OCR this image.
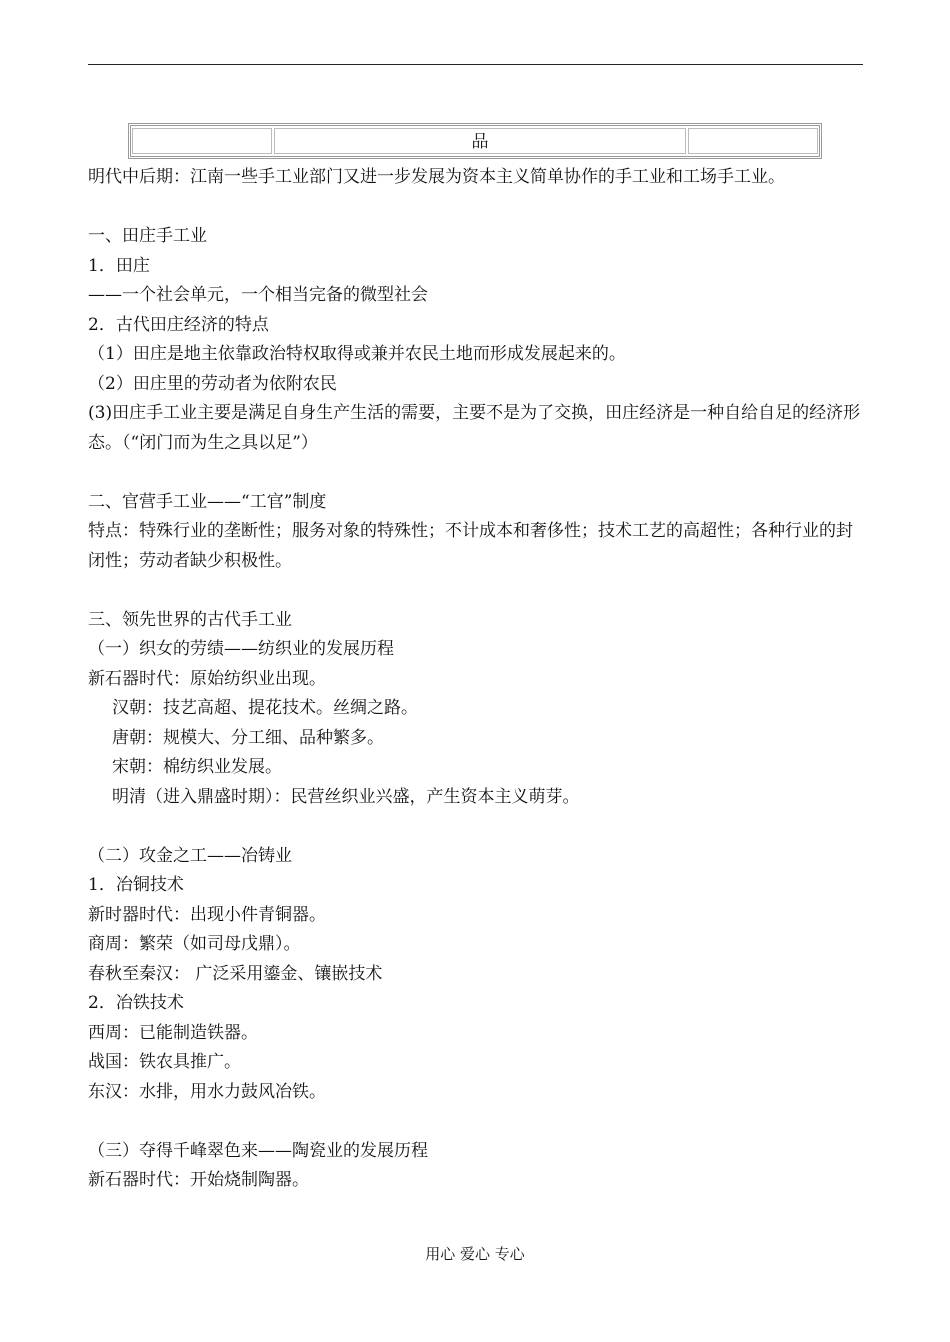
品

明代中后期：江南一些手工业部门又进一步发展为资本主义简单协作的手工业和工场手工业。

一、田庄手工业

1．田庄

——一个社会单元，一个相当完备的微型社会

2．古代田庄经济的特点

（1）田庄是地主依靠政治特权取得或兼并农民土地而形成发展起来的。

（2）田庄里的劳动者为依附农民

(3)田庄手工业主要是满足自身生产生活的需要，主要不是为了交换，田庄经济是一种自给自足的经济形态。（“闭门而为生之具以足”）

二、官营手工业——“工官”制度

特点：特殊行业的垄断性；服务对象的特殊性；不计成本和奢侈性；技术工艺的高超性；各种行业的封闭性；劳动者缺少积极性。

三、领先世界的古代手工业

（一）织女的劳绩——纺织业的发展历程

新石器时代：原始纺织业出现。

汉朝：技艺高超、提花技术。丝绸之路。

唐朝：规模大、分工细、品种繁多。

宋朝：棉纺织业发展。

明清（进入鼎盛时期）：民营丝织业兴盛，产生资本主义萌芽。

（二）攻金之工——冶铸业

1．冶铜技术

新时器时代：出现小件青铜器。

商周：繁荣（如司母戊鼎）。

春秋至秦汉： 广泛采用鎏金、镶嵌技术

2．冶铁技术

西周：已能制造铁器。

战国：铁农具推广。

东汉：水排，用水力鼓风冶铁。

（三）夺得千峰翠色来——陶瓷业的发展历程

新石器时代：开始烧制陶器。

用心 爱心 专心
